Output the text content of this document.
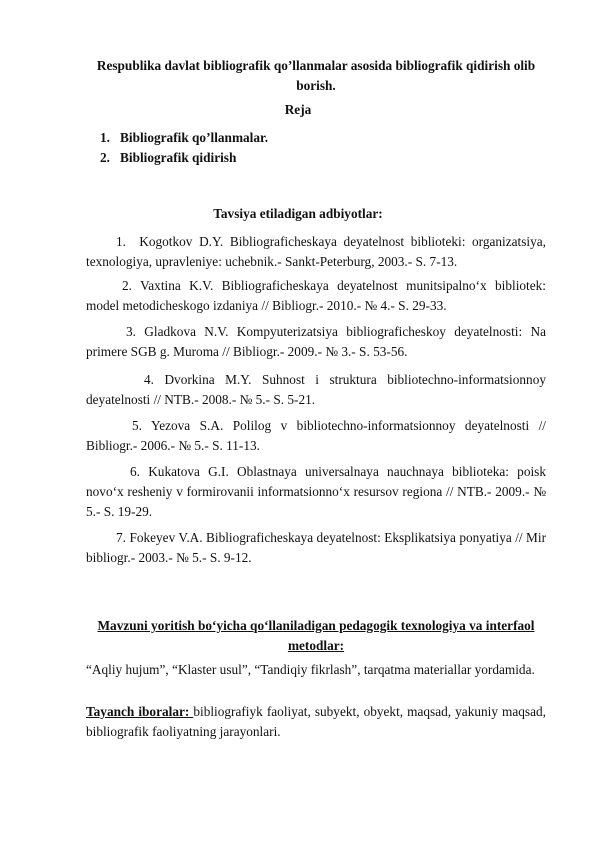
Respublika davlat bibliografik qo’llanmalar asosida bibliografik qidirish olib borish.
Reja
1. Bibliografik qo’llanmalar.
2. Bibliografik qidirish
Tavsiya etiladigan adbiyotlar:
1. Kogotkov D.Y. Bibliograficheskaya deyatelnost biblioteki: organizatsiya, texnologiya, upravleniye: uchebnik.- Sankt-Peterburg, 2003.- S. 7-13.
2. Vaxtina K.V. Bibliograficheskaya deyatelnost munitsipalno‘x bibliotek: model metodicheskogo izdaniya // Bibliogr.- 2010.- № 4.- S. 29-33.
3. Gladkova N.V. Kompyuterizatsiya bibliograficheskoy deyatelnosti: Na primere SGB g. Muroma // Bibliogr.- 2009.- № 3.- S. 53-56.
4. Dvorkina M.Y. Suhnost i struktura bibliotechno-informatsionnoy deyatelnosti // NTB.- 2008.- № 5.- S. 5-21.
5. Yezova S.A. Polilog v bibliotechno-informatsionnoy deyatelnosti // Bibliogr.- 2006.- № 5.- S. 11-13.
6. Kukatova G.I. Oblastnaya universalnaya nauchnaya biblioteka: poisk novo‘x resheniy v formirovanii informatsionno‘x resursov regiona // NTB.- 2009.- № 5.- S. 19-29.
7. Fokeyev V.A. Bibliograficheskaya deyatelnost: Eksplikatsiya ponyatiya // Mir bibliogr.- 2003.- № 5.- S. 9-12.
Mavzuni yoritish bo‘yicha qo‘llaniladigan pedagogik texnologiya va interfaol metodlar:
“Aqliy hujum”, “Klaster usul”, “Tandiqiy fikrlash”, tarqatma materiallar yordamida.
Tayanch iboralar: bibliografiyk faoliyat, subyekt, obyekt, maqsad, yakuniy maqsad, bibliografik faoliyatning jarayonlari.
